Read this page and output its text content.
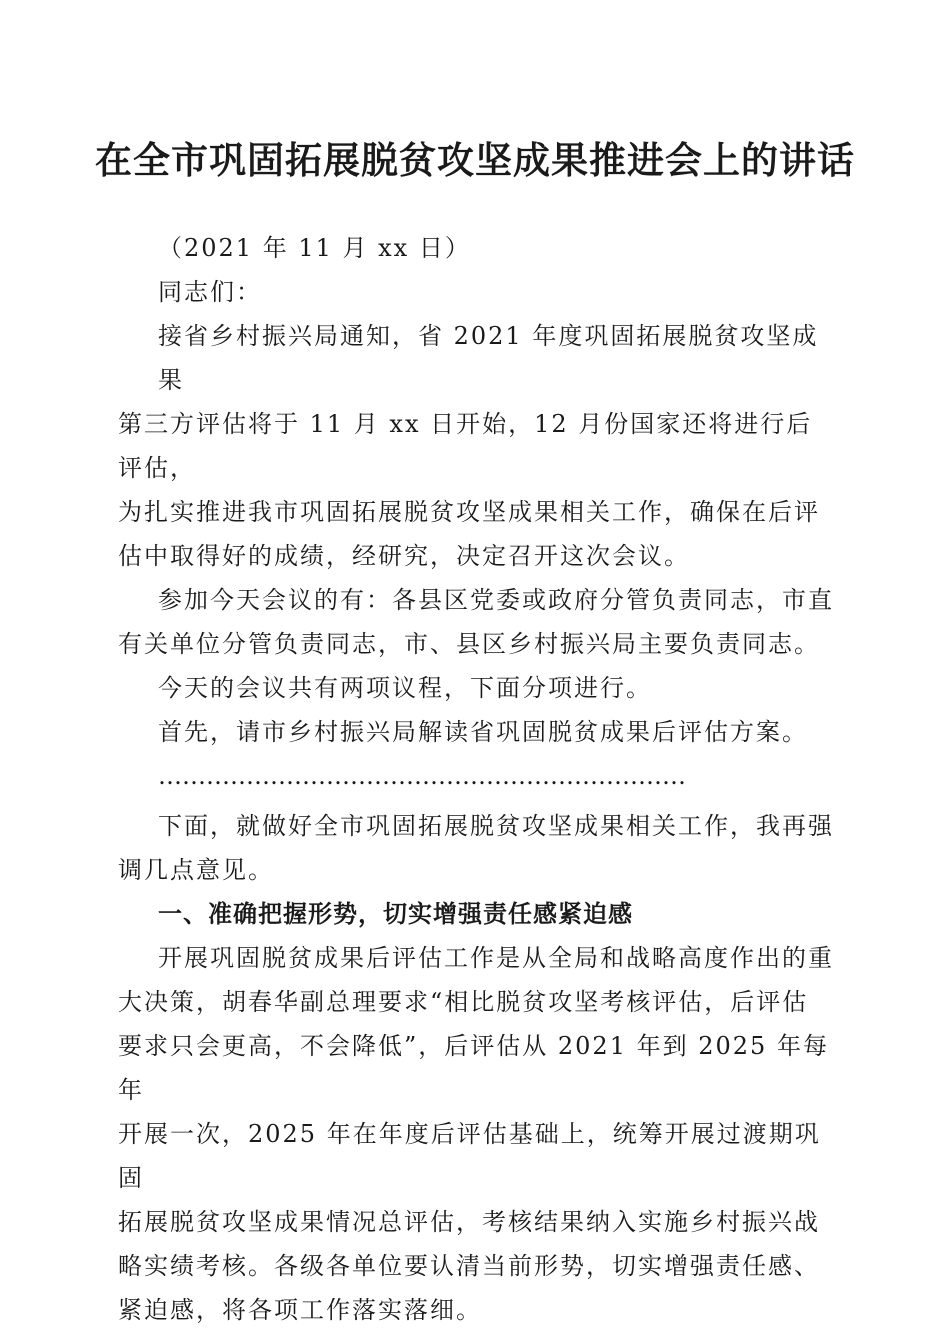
在全市巩固拓展脱贫攻坚成果推进会上的讲话
（2021 年 11 月 xx 日）
同志们：
接省乡村振兴局通知，省 2021 年度巩固拓展脱贫攻坚成果
第三方评估将于 11 月 xx 日开始，12 月份国家还将进行后评估，
为扎实推进我市巩固拓展脱贫攻坚成果相关工作，确保在后评
估中取得好的成绩，经研究，决定召开这次会议。
参加今天会议的有：各县区党委或政府分管负责同志，市直
有关单位分管负责同志，市、县区乡村振兴局主要负责同志。
今天的会议共有两项议程，下面分项进行。
首先，请市乡村振兴局解读省巩固脱贫成果后评估方案。
…………………………………………………………
下面，就做好全市巩固拓展脱贫攻坚成果相关工作，我再强
调几点意见。
一、准确把握形势，切实增强责任感紧迫感
开展巩固脱贫成果后评估工作是从全局和战略高度作出的重
大决策，胡春华副总理要求“相比脱贫攻坚考核评估，后评估
要求只会更高，不会降低”，后评估从 2021 年到 2025 年每年
开展一次，2025 年在年度后评估基础上，统筹开展过渡期巩固
拓展脱贫攻坚成果情况总评估，考核结果纳入实施乡村振兴战
略实绩考核。各级各单位要认清当前形势，切实增强责任感、
紧迫感，将各项工作落实落细。
